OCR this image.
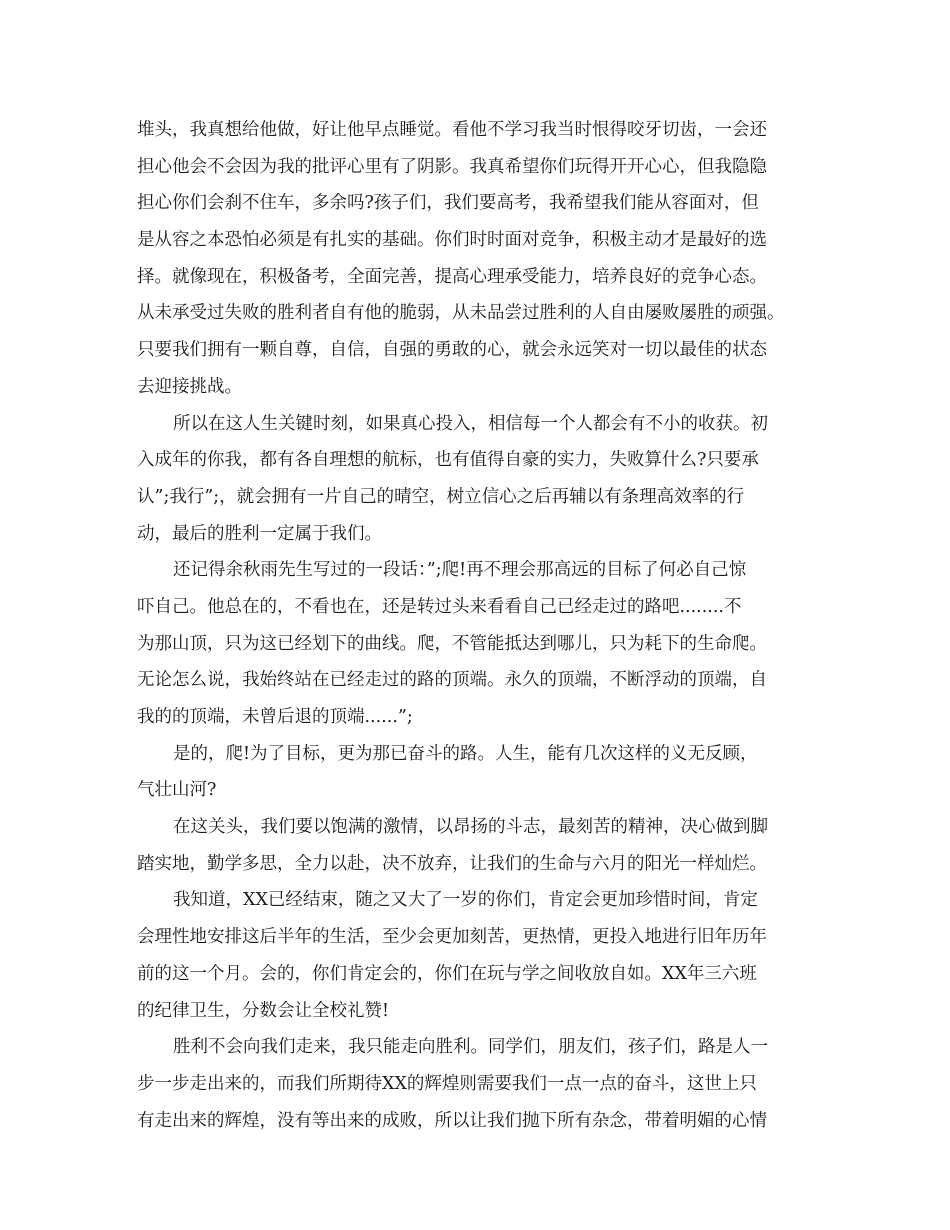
堆头，我真想给他做，好让他早点睡觉。看他不学习我当时恨得咬牙切齿，一会还
担心他会不会因为我的批评心里有了阴影。我真希望你们玩得开开心心，但我隐隐
担心你们会刹不住车，多余吗?孩子们，我们要高考，我希望我们能从容面对，但
是从容之本恐怕必须是有扎实的基础。你们时时面对竞争，积极主动才是最好的选
择。就像现在，积极备考，全面完善，提高心理承受能力，培养良好的竞争心态。
从未承受过失败的胜利者自有他的脆弱，从未品尝过胜利的人自由屡败屡胜的顽强。
只要我们拥有一颗自尊，自信，自强的勇敢的心，就会永远笑对一切以最佳的状态
去迎接挑战。
所以在这人生关键时刻，如果真心投入，相信每一个人都会有不小的收获。初
入成年的你我，都有各自理想的航标，也有值得自豪的实力，失败算什么?只要承
认”;我行”;，就会拥有一片自己的晴空，树立信心之后再辅以有条理高效率的行
动，最后的胜利一定属于我们。
还记得余秋雨先生写过的一段话：”;爬!再不理会那高远的目标了何必自己惊
吓自己。他总在的，不看也在，还是转过头来看看自己已经走过的路吧........不
为那山顶，只为这已经划下的曲线。爬，不管能抵达到哪儿，只为耗下的生命爬。
无论怎么说，我始终站在已经走过的路的顶端。永久的顶端，不断浮动的顶端，自
我的的顶端，未曾后退的顶端......”;
是的，爬!为了目标，更为那已奋斗的路。人生，能有几次这样的义无反顾，
气壮山河?
在这关头，我们要以饱满的激情，以昂扬的斗志，最刻苦的精神，决心做到脚
踏实地，勤学多思，全力以赴，决不放弃，让我们的生命与六月的阳光一样灿烂。
我知道，XX已经结束，随之又大了一岁的你们，肯定会更加珍惜时间，肯定
会理性地安排这后半年的生活，至少会更加刻苦，更热情，更投入地进行旧年历年
前的这一个月。会的，你们肯定会的，你们在玩与学之间收放自如。XX年三六班
的纪律卫生，分数会让全校礼赞!
胜利不会向我们走来，我只能走向胜利。同学们，朋友们，孩子们，路是人一
步一步走出来的，而我们所期待XX的辉煌则需要我们一点一点的奋斗，这世上只
有走出来的辉煌，没有等出来的成败，所以让我们抛下所有杂念，带着明媚的心情
